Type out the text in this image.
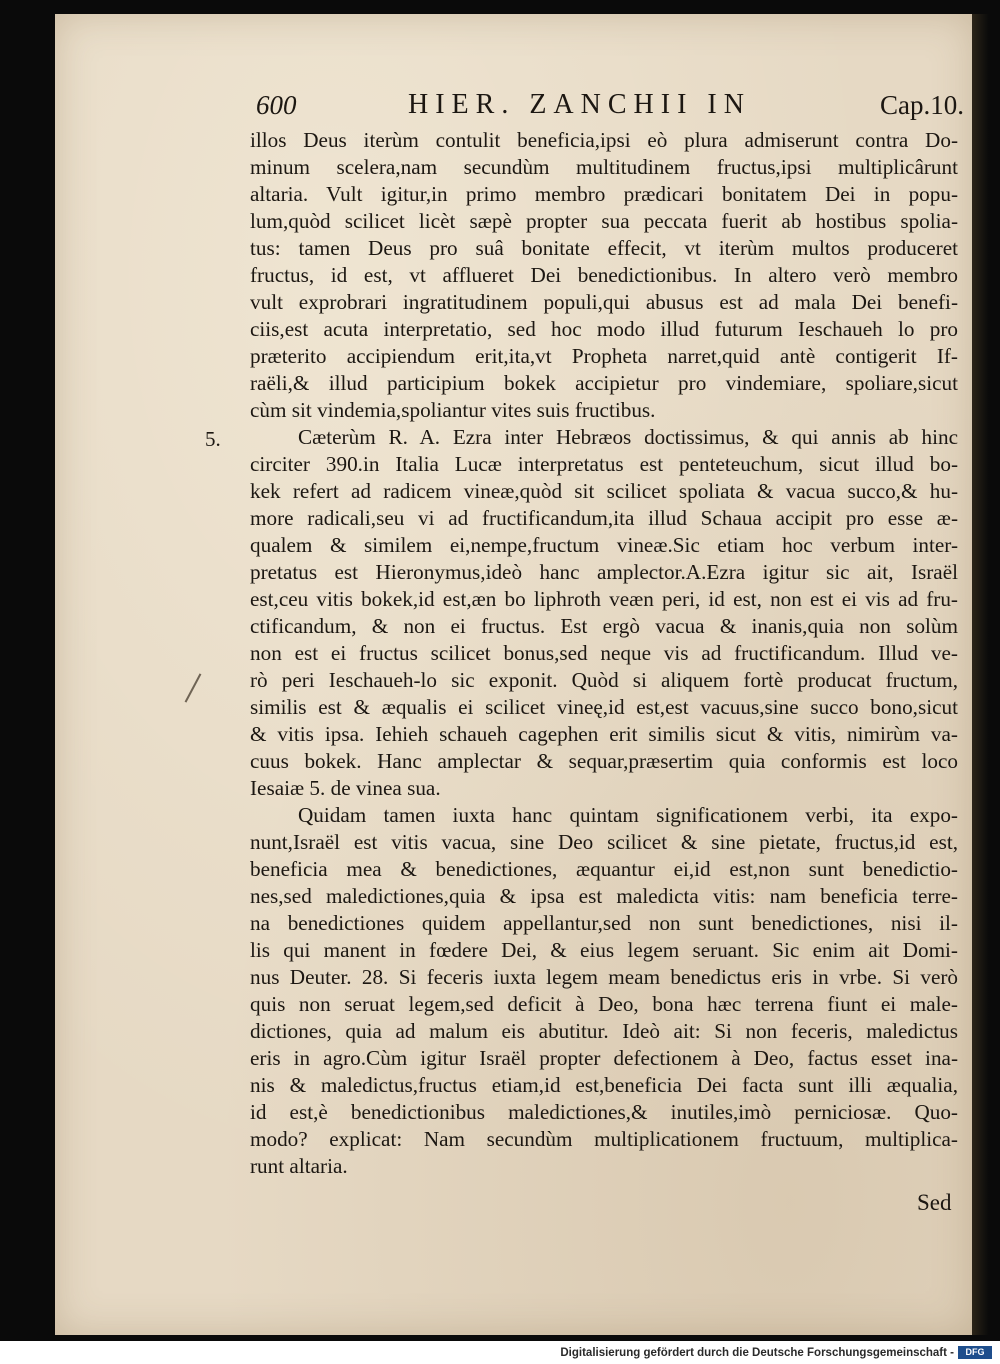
600	HIER. ZANCHII IN	Cap.10.
5.
illos Deus iterùm contulit beneficia,ipsi eò plura admiserunt contra Do-
minum scelera,nam secundùm multitudinem fructus,ipsi multiplicârunt
altaria. Vult igitur,in primo membro prædicari bonitatem Dei in popu-
lum,quòd scilicet licèt sæpè propter sua peccata fuerit ab hostibus spolia-
tus: tamen Deus pro suâ bonitate effecit, vt iterùm multos produceret
fructus, id est, vt afflueret Dei benedictionibus. In altero verò membro
vult exprobrari ingratitudinem populi,qui abusus est ad mala Dei benefi-
ciis,est acuta interpretatio, sed hoc modo illud futurum Ieschaueh lo pro
præterito accipiendum erit,ita,vt Propheta narret,quid antè contigerit If-
raëli,& illud participium bokek accipietur pro vindemiare, spoliare,sicut
cùm sit vindemia,spoliantur vites suis fructibus.
Cæterùm R. A. Ezra inter Hebræos doctissimus, & qui annis ab hinc
circiter 390.in Italia Lucæ interpretatus est penteteuchum, sicut illud bo-
kek refert ad radicem vineæ,quòd sit scilicet spoliata & vacua succo,& hu-
more radicali,seu vi ad fructificandum,ita illud Schaua accipit pro esse æ-
qualem & similem ei,nempe,fructum vineæ.Sic etiam hoc verbum inter-
pretatus est Hieronymus,ideò hanc amplector.A.Ezra igitur sic ait, Israël
est,ceu vitis bokek,id est,æn bo liphroth veæn peri, id est, non est ei vis ad fru-
ctificandum, & non ei fructus. Est ergò vacua & inanis,quia non solùm
non est ei fructus scilicet bonus,sed neque vis ad fructificandum. Illud ve-
rò peri Ieschaueh-lo sic exponit. Quòd si aliquem fortè producat fructum,
similis est & æqualis ei scilicet vineę,id est,est vacuus,sine succo bono,sicut
& vitis ipsa. Iehieh schaueh cagephen erit similis sicut & vitis, nimirùm va-
cuus bokek. Hanc amplectar & sequar,præsertim quia conformis est loco
Iesaiæ 5. de vinea sua.
Quidam tamen iuxta hanc quintam significationem verbi, ita expo-
nunt,Israël est vitis vacua, sine Deo scilicet & sine pietate, fructus,id est,
beneficia mea & benedictiones, æquantur ei,id est,non sunt benedictio-
nes,sed maledictiones,quia & ipsa est maledicta vitis: nam beneficia terre-
na benedictiones quidem appellantur,sed non sunt benedictiones, nisi il-
lis qui manent in fœdere Dei, & eius legem seruant. Sic enim ait Domi-
nus Deuter. 28. Si feceris iuxta legem meam benedictus eris in vrbe. Si verò
quis non seruat legem,sed deficit à Deo, bona hæc terrena fiunt ei male-
dictiones, quia ad malum eis abutitur. Ideò ait: Si non feceris, maledictus
eris in agro.Cùm igitur Israël propter defectionem à Deo, factus esset ina-
nis & maledictus,fructus etiam,id est,beneficia Dei facta sunt illi æqualia,
id est,è benedictionibus maledictiones,& inutiles,imò perniciosæ. Quo-
modo? explicat: Nam secundùm multiplicationem fructuum, multiplica-
runt altaria.
Sed
Digitalisierung gefördert durch die Deutsche Forschungsgemeinschaft -	DFG
